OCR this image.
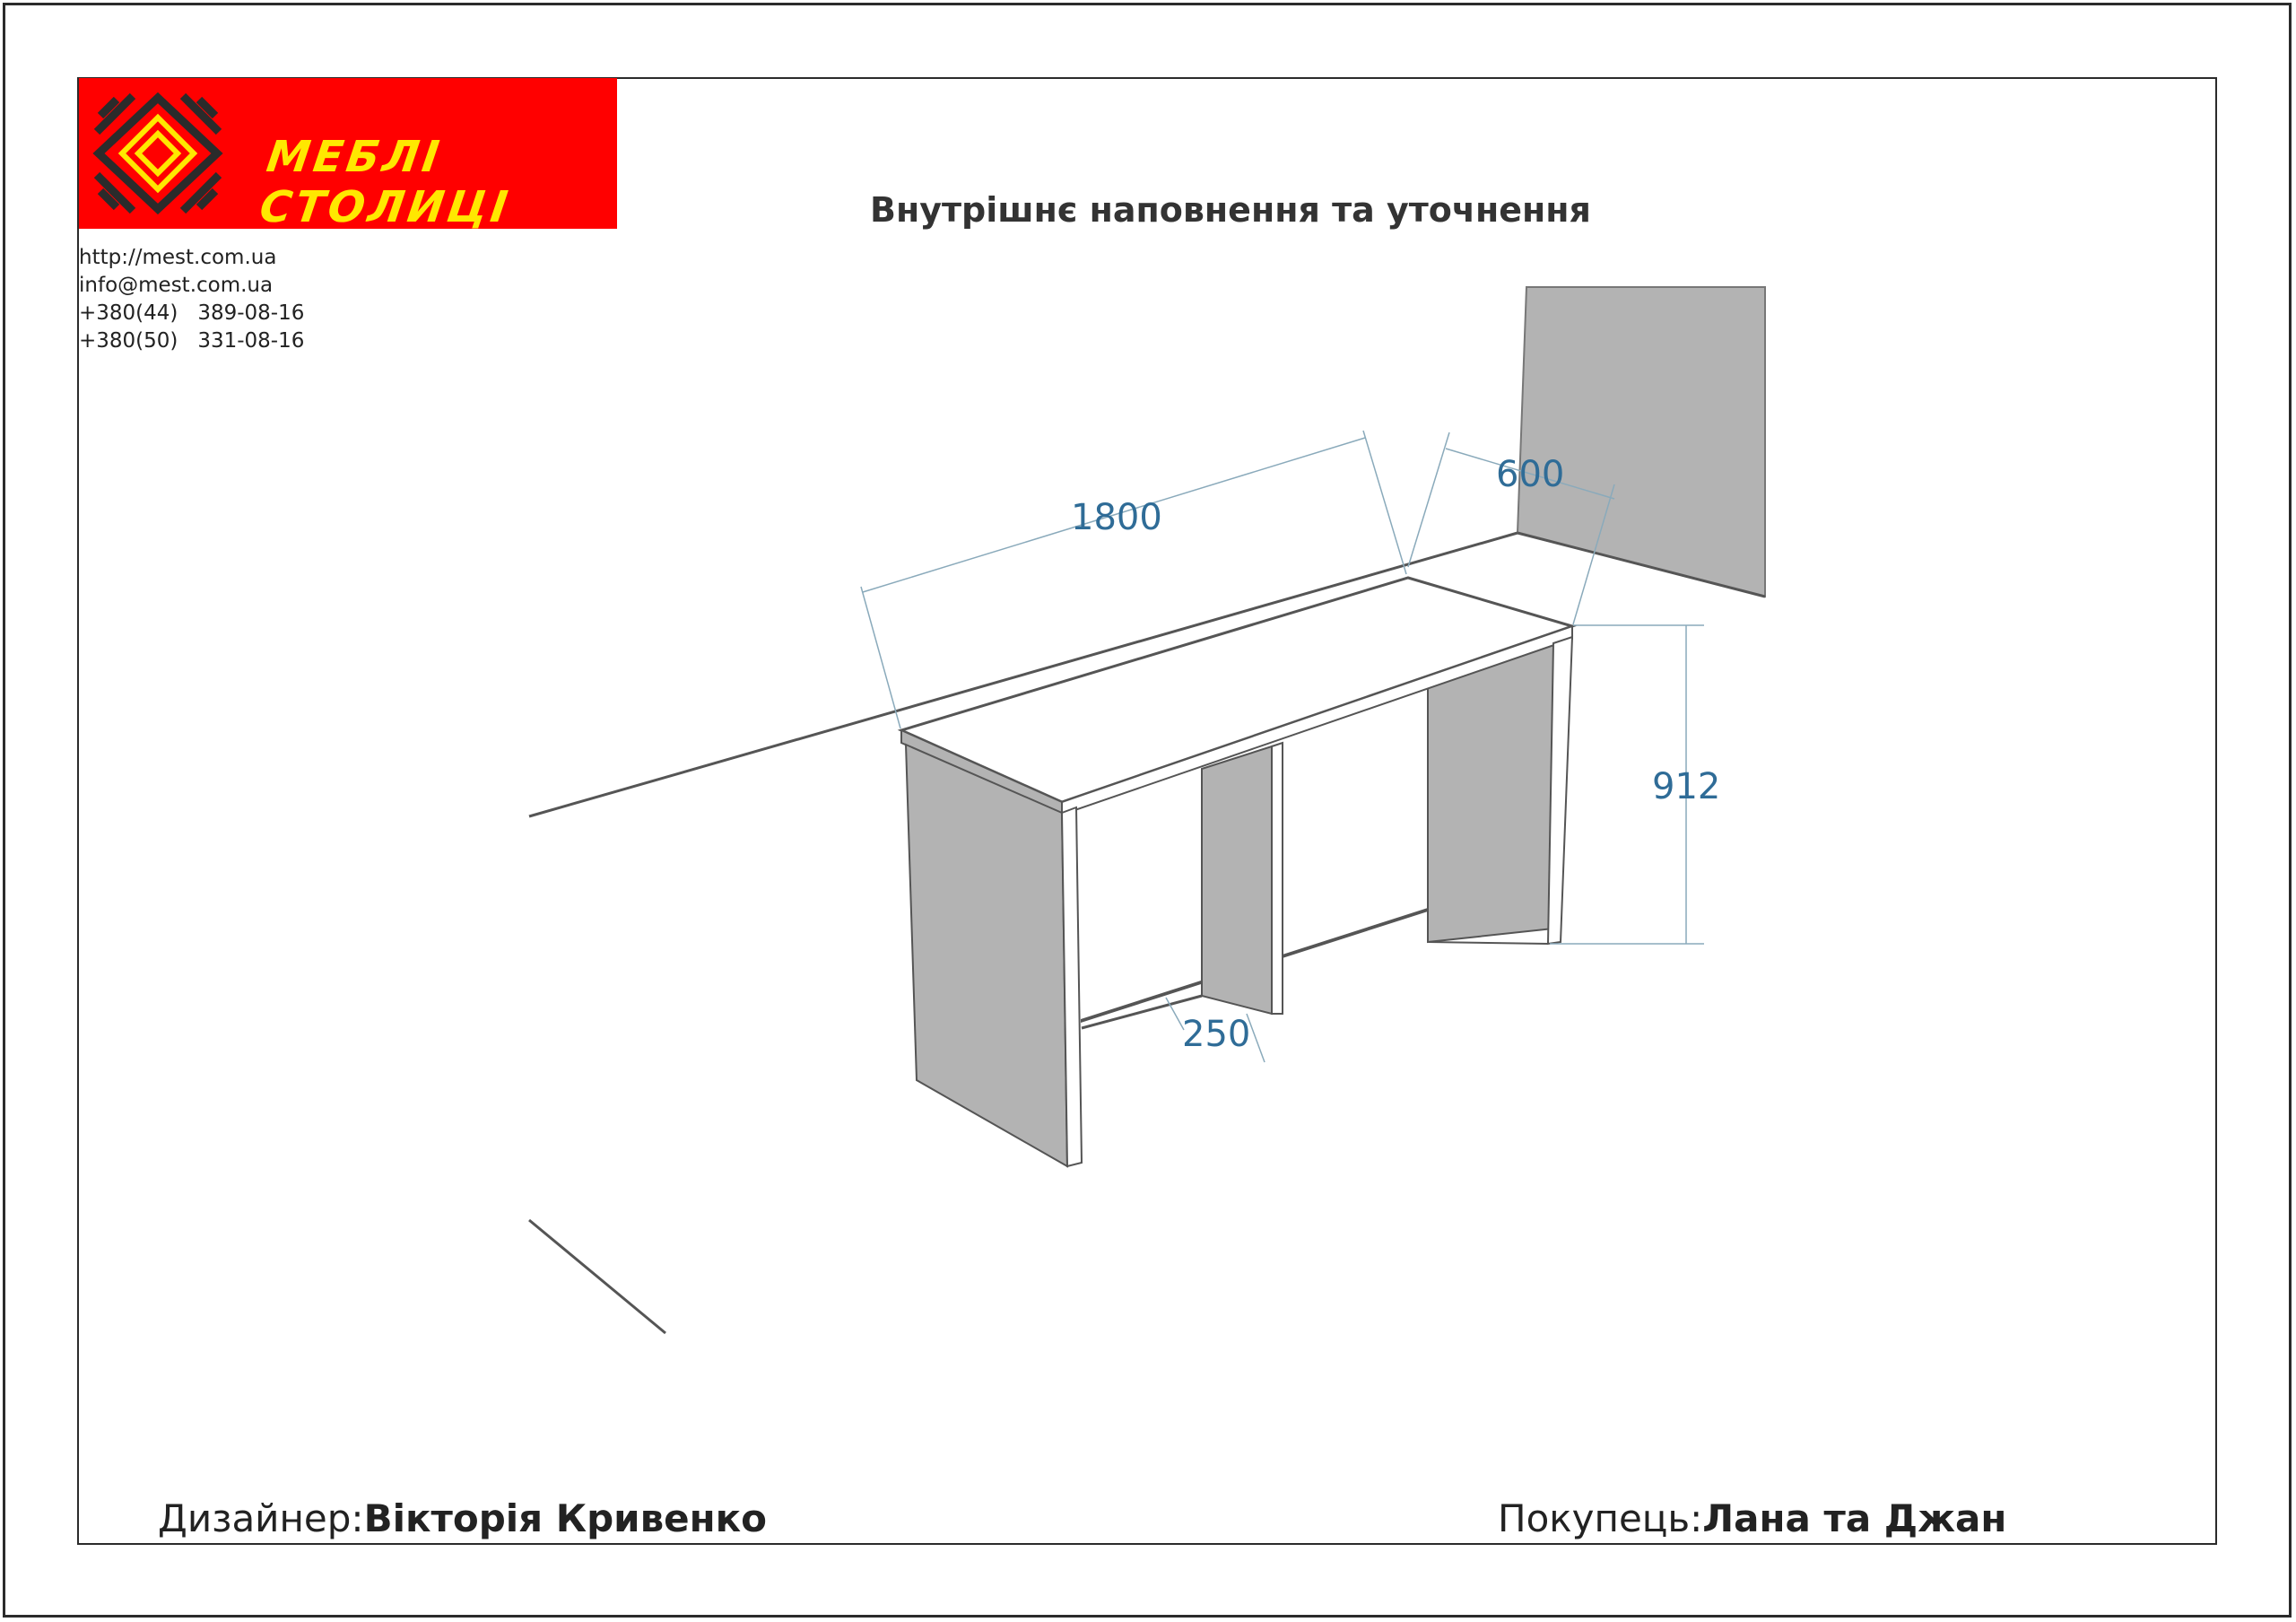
МЕБЛІ СТОЛИЦІ
http://mest.com.ua
info@mest.com.ua
+380(44)   389-08-16
+380(50)   331-08-16
Внутрішнє наповнення та уточнення
1800
600
912
250
Дизайнер:Вікторія Кривенко	Покупець:Лана та Джан
